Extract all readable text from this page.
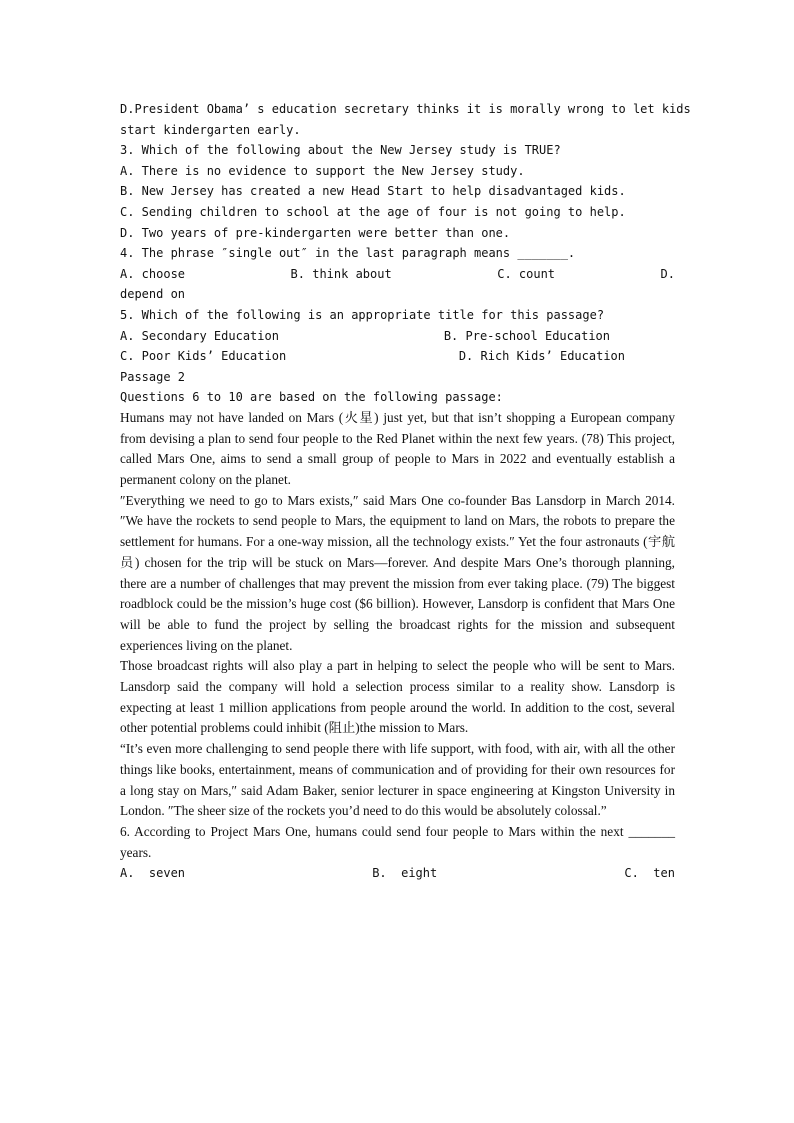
D.President Obama’ s education secretary thinks it is morally wrong to let kids
start kindergarten early.
3. Which of the following about the New Jersey study is TRUE?
A. There is no evidence to support the New Jersey study.
B. New Jersey has created a new Head Start to help disadvantaged kids.
C. Sending children to school at the age of four is not going to help.
D. Two years of pre-kindergarten were better than one.
4. The phrase ″single out″ in the last paragraph means _______.
A. choose	B. think about	C. count	D.
depend on
5. Which of the following is an appropriate title for this passage?
A. Secondary Education	B. Pre-school Education
C. Poor Kids’ Education	D. Rich Kids’ Education
Passage 2
Questions 6 to 10 are based on the following passage:

Humans may not have landed on Mars (火星) just yet, but that isn’t shopping a European company from devising a plan to send four people to the Red Planet within the next few years. (78) This project, called Mars One, aims to send a small group of people to Mars in 2022 and eventually establish a permanent colony on the planet.

″Everything we need to go to Mars exists,″ said Mars One co-founder Bas Lansdorp in March 2014. ″We have the rockets to send people to Mars, the equipment to land on Mars, the robots to prepare the settlement for humans. For a one-way mission, all the technology exists.″ Yet the four astronauts (宇航员) chosen for the trip will be stuck on Mars—forever. And despite Mars One’s thorough planning, there are a number of challenges that may prevent the mission from ever taking place. (79) The biggest roadblock could be the mission’s huge cost ($6 billion). However, Lansdorp is confident that Mars One will be able to fund the project by selling the broadcast rights for the mission and subsequent experiences living on the planet.

Those broadcast rights will also play a part in helping to select the people who will be sent to Mars. Lansdorp said the company will hold a selection process similar to a reality show. Lansdorp is expecting at least 1 million applications from people around the world. In addition to the cost, several other potential problems could inhibit (阻止)the mission to Mars.

“It’s even more challenging to send people there with life support, with food, with air, with all the other things like books, entertainment, means of communication and of providing for their own resources for a long stay on Mars,″ said Adam Baker, senior lecturer in space engineering at Kingston University in London. ″The sheer size of the rockets you’d need to do this would be absolutely colossal.”

6. According to Project Mars One, humans could send four people to Mars within the next _______ years.

A.  seven	B.  eight	C.  ten
